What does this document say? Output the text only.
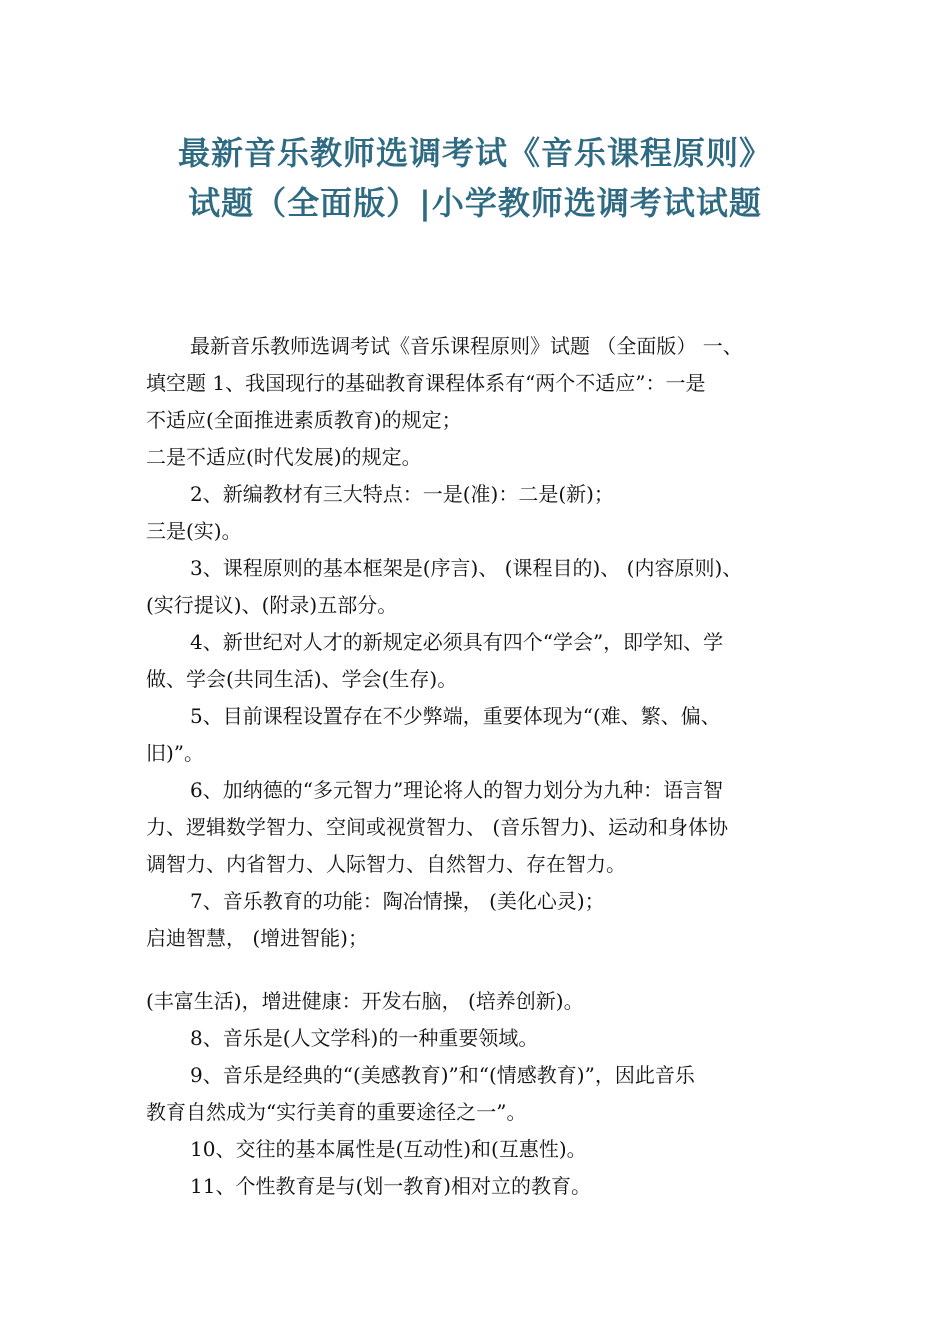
最新音乐教师选调考试《音乐课程原则》
试题（全面版）|小学教师选调考试试题
最新音乐教师选调考试《音乐课程原则》试题 （全面版） 一、
填空题 1、我国现行的基础教育课程体系有“两个不适应”：一是
不适应(全面推进素质教育)的规定；
二是不适应(时代发展)的规定。
2、新编教材有三大特点：一是(准)：二是(新)；
三是(实)。
3、课程原则的基本框架是(序言)、 (课程目的)、 (内容原则)、
(实行提议)、(附录)五部分。
4、新世纪对人才的新规定必须具有四个“学会”，即学知、学
做、学会(共同生活)、学会(生存)。
5、目前课程设置存在不少弊端，重要体现为“(难、繁、偏、
旧)”。
6、加纳德的“多元智力”理论将人的智力划分为九种：语言智
力、逻辑数学智力、空间或视赏智力、 (音乐智力)、运动和身体协
调智力、内省智力、人际智力、自然智力、存在智力。
7、音乐教育的功能：陶冶情操， (美化心灵)；
启迪智慧， (增进智能)；
(丰富生活)，增进健康：开发右脑， (培养创新)。
8、音乐是(人文学科)的一种重要领域。
9、音乐是经典的“(美感教育)”和“(情感教育)”，因此音乐
教育自然成为“实行美育的重要途径之一”。
10、交往的基本属性是(互动性)和(互惠性)。
11、个性教育是与(划一教育)相对立的教育。
